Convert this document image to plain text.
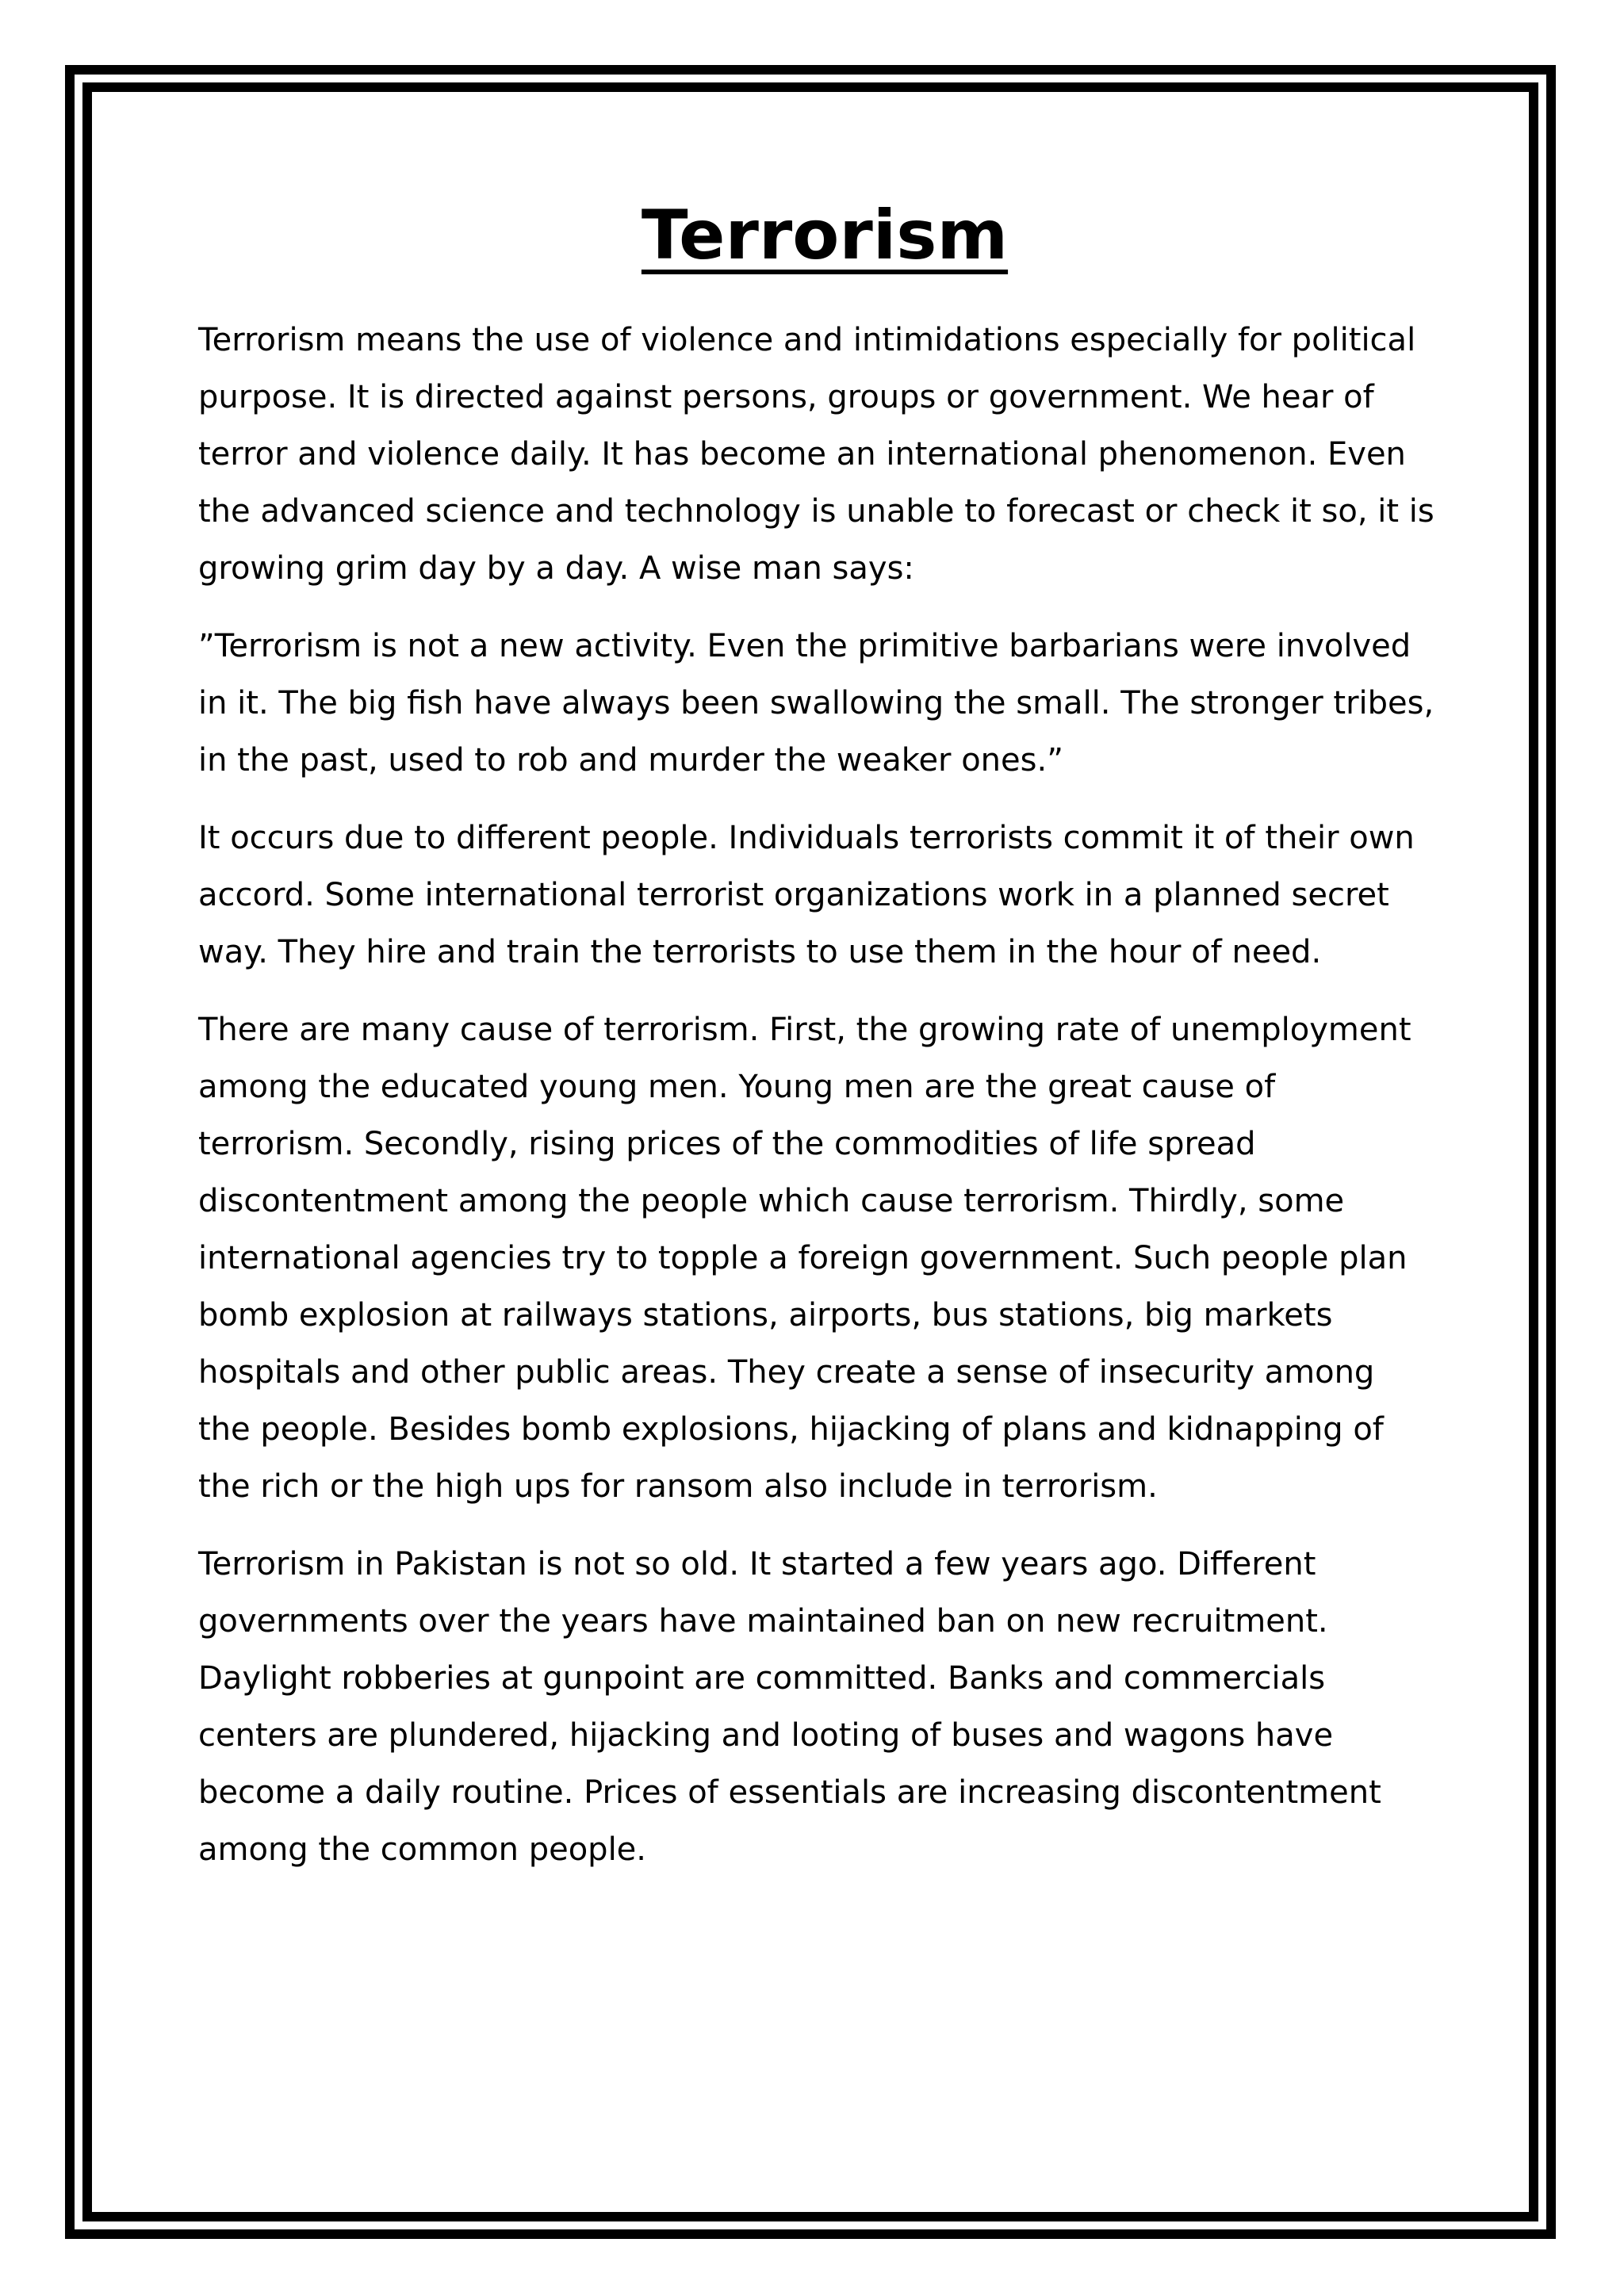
Terrorism

Terrorism means the use of violence and intimidations especially for political purpose. It is directed against persons, groups or government. We hear of terror and violence daily. It has become an international phenomenon. Even the advanced science and technology is unable to forecast or check it so, it is growing grim day by a day. A wise man says:

”Terrorism is not a new activity. Even the primitive barbarians were involved in it. The big fish have always been swallowing the small. The stronger tribes, in the past, used to rob and murder the weaker ones.”

It occurs due to different people. Individuals terrorists commit it of their own accord. Some international terrorist organizations work in a planned secret way. They hire and train the terrorists to use them in the hour of need.

There are many cause of terrorism. First, the growing rate of unemployment among the educated young men. Young men are the great cause of terrorism. Secondly, rising prices of the commodities of life spread discontentment among the people which cause terrorism. Thirdly, some international agencies try to topple a foreign government. Such people plan bomb explosion at railways stations, airports, bus stations, big markets hospitals and other public areas. They create a sense of insecurity among the people. Besides bomb explosions, hijacking of plans and kidnapping of the rich or the high ups for ransom also include in terrorism.

Terrorism in Pakistan is not so old. It started a few years ago. Different governments over the years have maintained ban on new recruitment. Daylight robberies at gunpoint are committed. Banks and commercials centers are plundered, hijacking and looting of buses and wagons have become a daily routine. Prices of essentials are increasing discontentment among the common people.
